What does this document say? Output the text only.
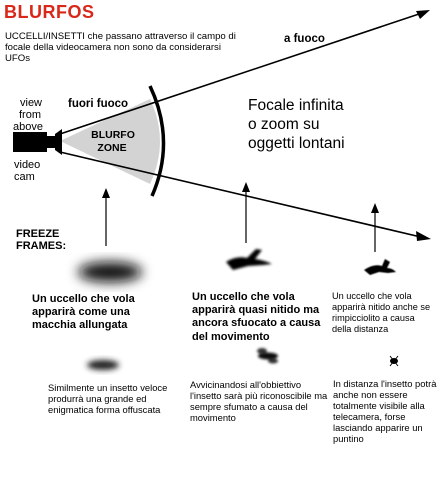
a fuoco
fuori fuoco
view
from
above
video
cam
BLURFO
ZONE
FREEZE
FRAMES:
BLURFOS
UCCELLI/INSETTI che passano attraverso il campo di focale della videocamera non sono da considerarsi UFOs
Focale infinita
o zoom su
oggetti lontani
Un uccello che vola apparirà come una macchia allungata
Un uccello che vola apparirà quasi nitido ma ancora sfuocato a causa del movimento
Un uccello che vola apparirà nitido anche se rimpicciolito a causa della distanza
Similmente un insetto veloce produrrà una grande ed enigmatica forma offuscata
Avvicinandosi all'obbiettivo l'insetto sarà più riconoscibile ma sempre sfumato a causa del movimento
In distanza l'insetto potrà anche non essere totalmente visibile alla telecamera, forse lasciando apparire un puntino
